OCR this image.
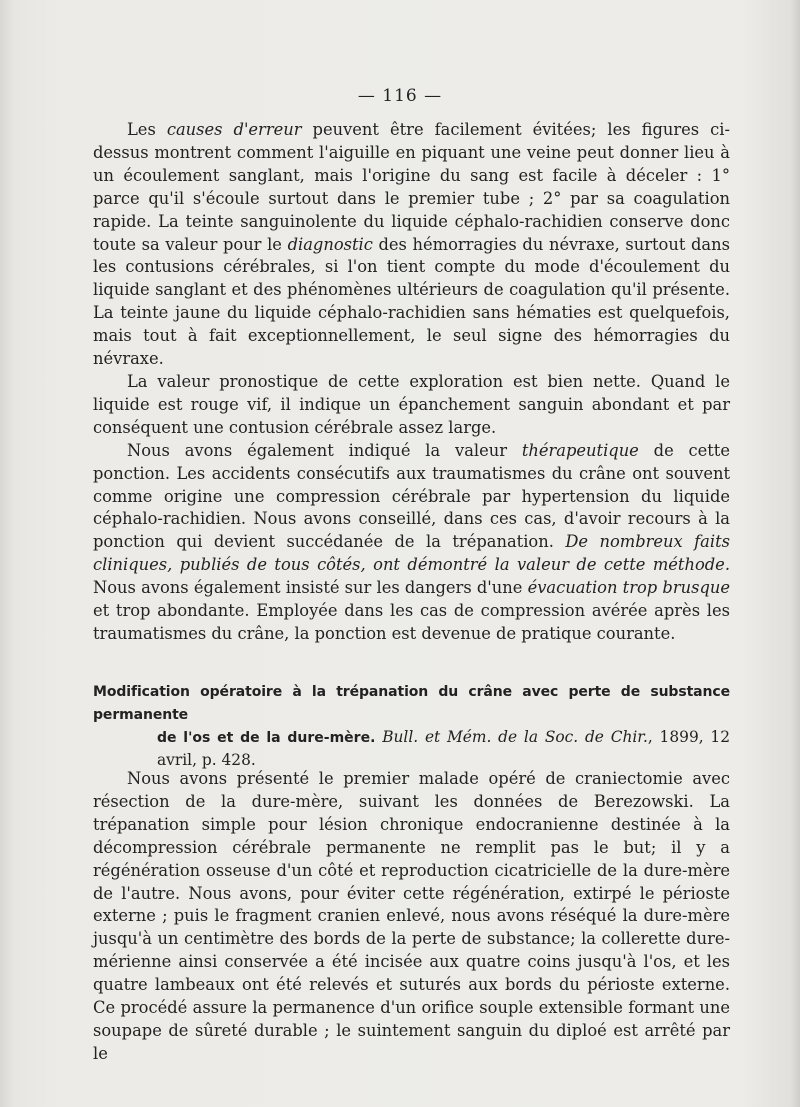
— 116 —

Les causes d'erreur peuvent être facilement évitées; les figures ci-dessus montrent comment l'aiguille en piquant une veine peut donner lieu à un écoulement sanglant, mais l'origine du sang est facile à déceler : 1° parce qu'il s'écoule surtout dans le premier tube ; 2° par sa coagulation rapide. La teinte sanguinolente du liquide céphalo-rachidien conserve donc toute sa valeur pour le diagnostic des hémorragies du névraxe, surtout dans les contusions cérébrales, si l'on tient compte du mode d'écoulement du liquide sanglant et des phénomènes ultérieurs de coagulation qu'il présente. La teinte jaune du liquide céphalo-rachidien sans hématies est quelquefois, mais tout à fait exceptionnellement, le seul signe des hémorragies du névraxe.

La valeur pronostique de cette exploration est bien nette. Quand le liquide est rouge vif, il indique un épanchement sanguin abondant et par conséquent une contusion cérébrale assez large.

Nous avons également indiqué la valeur thérapeutique de cette ponction. Les accidents consécutifs aux traumatismes du crâne ont souvent comme origine une compression cérébrale par hypertension du liquide céphalo-rachidien. Nous avons conseillé, dans ces cas, d'avoir recours à la ponction qui devient succédanée de la trépanation. De nombreux faits cliniques, publiés de tous côtés, ont démontré la valeur de cette méthode. Nous avons également insisté sur les dangers d'une évacuation trop brusque et trop abondante. Employée dans les cas de compression avérée après les traumatismes du crâne, la ponction est devenue de pratique courante.

Modification opératoire à la trépanation du crâne avec perte de substance permanente
de l'os et de la dure-mère. Bull. et Mém. de la Soc. de Chir., 1899, 12 avril, p. 428.

Nous avons présenté le premier malade opéré de craniectomie avec résection de la dure-mère, suivant les données de Berezowski. La trépanation simple pour lésion chronique endocranienne destinée à la décompression cérébrale permanente ne remplit pas le but; il y a régénération osseuse d'un côté et reproduction cicatricielle de la dure-mère de l'autre. Nous avons, pour éviter cette régénération, extirpé le périoste externe ; puis le fragment cranien enlevé, nous avons réséqué la dure-mère jusqu'à un centimètre des bords de la perte de substance; la collerette dure-mérienne ainsi conservée a été incisée aux quatre coins jusqu'à l'os, et les quatre lambeaux ont été relevés et suturés aux bords du périoste externe. Ce procédé assure la permanence d'un orifice souple extensible formant une soupape de sûreté durable ; le suintement sanguin du diploé est arrêté par le
